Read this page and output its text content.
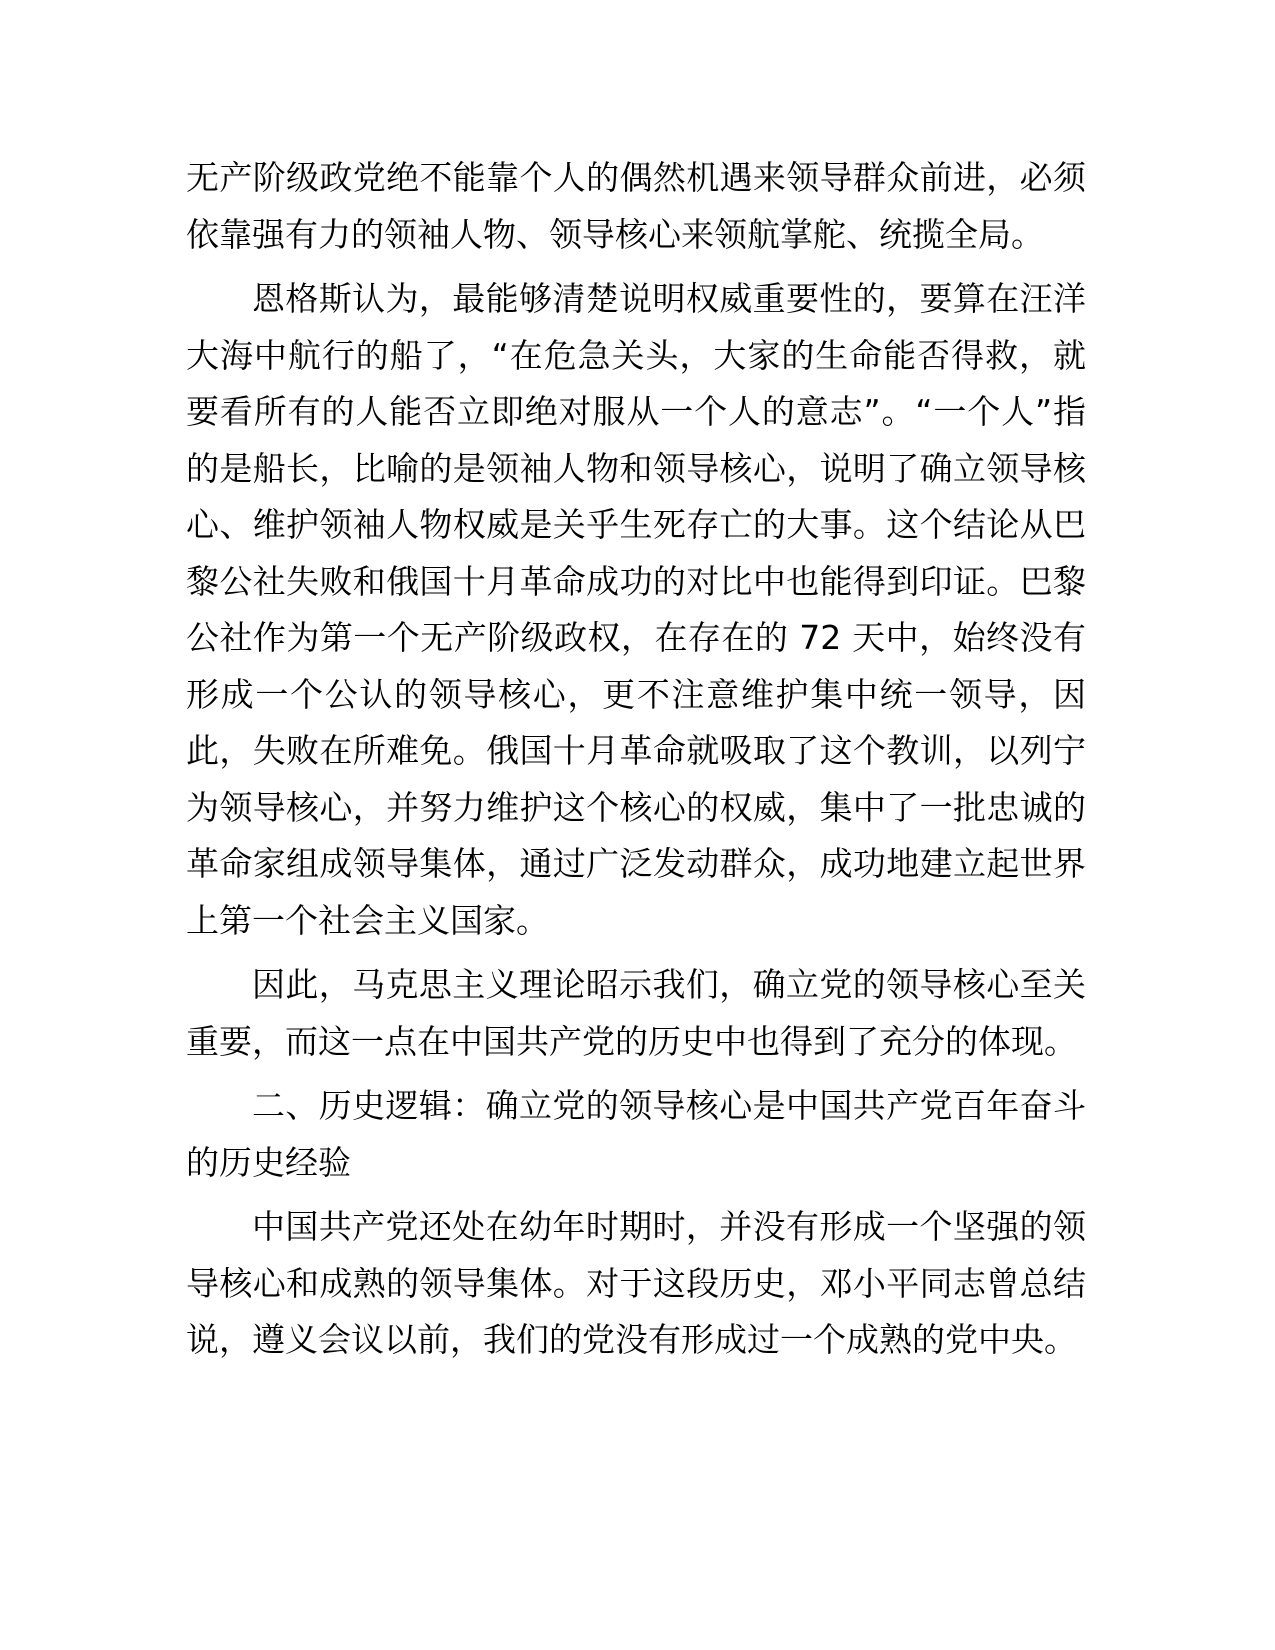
无产阶级政党绝不能靠个人的偶然机遇来领导群众前进，必须依靠强有力的领袖人物、领导核心来领航掌舵、统揽全局。

恩格斯认为，最能够清楚说明权威重要性的，要算在汪洋大海中航行的船了，“在危急关头，大家的生命能否得救，就要看所有的人能否立即绝对服从一个人的意志”。“一个人”指的是船长，比喻的是领袖人物和领导核心，说明了确立领导核心、维护领袖人物权威是关乎生死存亡的大事。这个结论从巴黎公社失败和俄国十月革命成功的对比中也能得到印证。巴黎公社作为第一个无产阶级政权，在存在的 72 天中，始终没有形成一个公认的领导核心，更不注意维护集中统一领导，因此，失败在所难免。俄国十月革命就吸取了这个教训，以列宁为领导核心，并努力维护这个核心的权威，集中了一批忠诚的革命家组成领导集体，通过广泛发动群众，成功地建立起世界上第一个社会主义国家。

因此，马克思主义理论昭示我们，确立党的领导核心至关重要，而这一点在中国共产党的历史中也得到了充分的体现。

二、历史逻辑：确立党的领导核心是中国共产党百年奋斗的历史经验

中国共产党还处在幼年时期时，并没有形成一个坚强的领导核心和成熟的领导集体。对于这段历史，邓小平同志曾总结说，遵义会议以前，我们的党没有形成过一个成熟的党中央。
